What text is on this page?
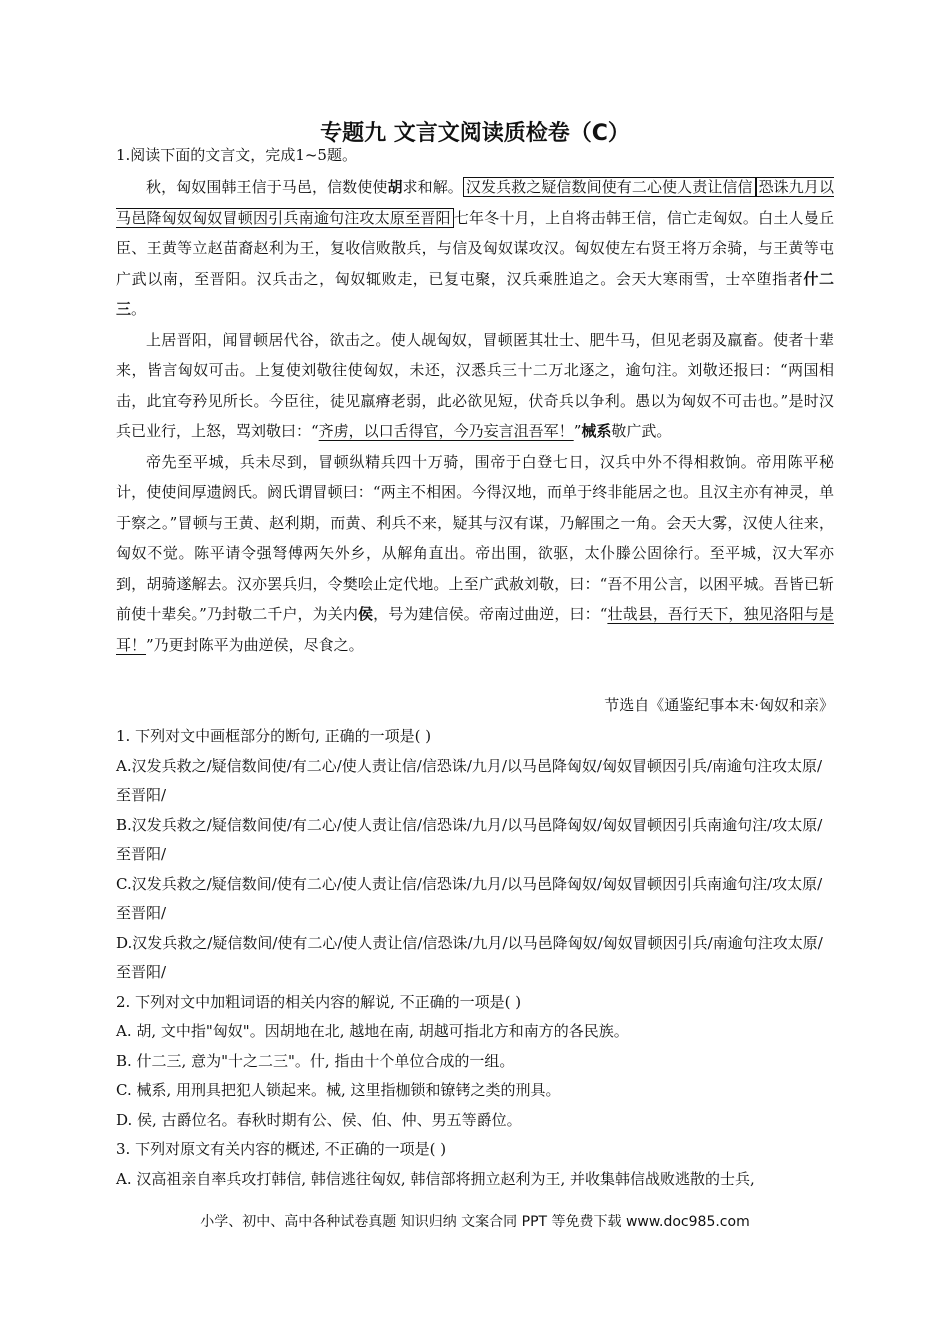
专题九 文言文阅读质检卷（C）
1.阅读下面的文言文，完成1~5题。

秋，匈奴围韩王信于马邑，信数使使胡求和解。 汉发兵救之疑信数间使有二心使人责让信信 恐诛九月以马邑降匈奴匈奴冒顿因引兵南逾句注攻太原至晋阳 七年冬十月，上自将击韩王信，信亡走匈奴。白土人曼丘臣、王黄等立赵苗裔赵利为王，复收信败散兵，与信及匈奴谋攻汉。匈奴使左右贤王将万余骑，与王黄等屯广武以南，至晋阳。汉兵击之，匈奴辄败走，已复屯聚，汉兵乘胜追之。会天大寒雨雪，士卒堕指者什二三。

上居晋阳，闻冒顿居代谷，欲击之。使人觇匈奴，冒顿匿其壮士、肥牛马，但见老弱及羸畜。使者十辈来，皆言匈奴可击。上复使刘敬往使匈奴，未还，汉悉兵三十二万北逐之，逾句注。刘敬还报曰：“两国相击，此宜夸矜见所长。今臣往，徒见羸瘠老弱，此必欲见短，伏奇兵以争利。愚以为匈奴不可击也。”是时汉兵已业行，上怒，骂刘敬曰：“齐虏，以口舌得官，今乃妄言沮吾军！”械系敬广武。

帝先至平城，兵未尽到，冒顿纵精兵四十万骑，围帝于白登七日，汉兵中外不得相救饷。帝用陈平秘计，使使间厚遗阏氏。阏氏谓冒顿曰：“两主不相困。今得汉地，而单于终非能居之也。且汉主亦有神灵，单于察之。”冒顿与王黄、赵利期，而黄、利兵不来，疑其与汉有谋，乃解围之一角。会天大雾，汉使人往来，匈奴不觉。陈平请令强弩傅两矢外乡，从解角直出。帝出围，欲驱，太仆滕公固徐行。至平城，汉大军亦到，胡骑遂解去。汉亦罢兵归，令樊哙止定代地。上至广武赦刘敬，曰：“吾不用公言，以困平城。吾皆已斩前使十辈矣。”乃封敬二千户，为关内侯，号为建信侯。帝南过曲逆，曰：“壮哉县，吾行天下，独见洛阳与是耳！”乃更封陈平为曲逆侯，尽食之。

节选自《通鉴纪事本末·匈奴和亲》
1. 下列对文中画框部分的断句, 正确的一项是( )
A.汉发兵救之/疑信数间使/有二心/使人责让信/信恐诛/九月/以马邑降匈奴/匈奴冒顿因引兵/南逾句注攻太原/至晋阳/
B.汉发兵救之/疑信数间使/有二心/使人责让信/信恐诛/九月/以马邑降匈奴/匈奴冒顿因引兵南逾句注/攻太原/至晋阳/
C.汉发兵救之/疑信数间/使有二心/使人责让信/信恐诛/九月/以马邑降匈奴/匈奴冒顿因引兵南逾句注/攻太原/至晋阳/
D.汉发兵救之/疑信数间/使有二心/使人责让信/信恐诛/九月/以马邑降匈奴/匈奴冒顿因引兵/南逾句注攻太原/至晋阳/
2. 下列对文中加粗词语的相关内容的解说, 不正确的一项是( )
A. 胡, 文中指"匈奴"。因胡地在北, 越地在南, 胡越可指北方和南方的各民族。
B. 什二三, 意为"十之二三"。什, 指由十个单位合成的一组。
C. 械系, 用刑具把犯人锁起来。械, 这里指枷锁和镣铐之类的刑具。
D. 侯, 古爵位名。春秋时期有公、侯、伯、仲、男五等爵位。
3. 下列对原文有关内容的概述, 不正确的一项是( )
A. 汉高祖亲自率兵攻打韩信, 韩信逃往匈奴, 韩信部将拥立赵利为王, 并收集韩信战败逃散的士兵,
小学、初中、高中各种试卷真题 知识归纳 文案合同 PPT 等免费下载 www.doc985.com
